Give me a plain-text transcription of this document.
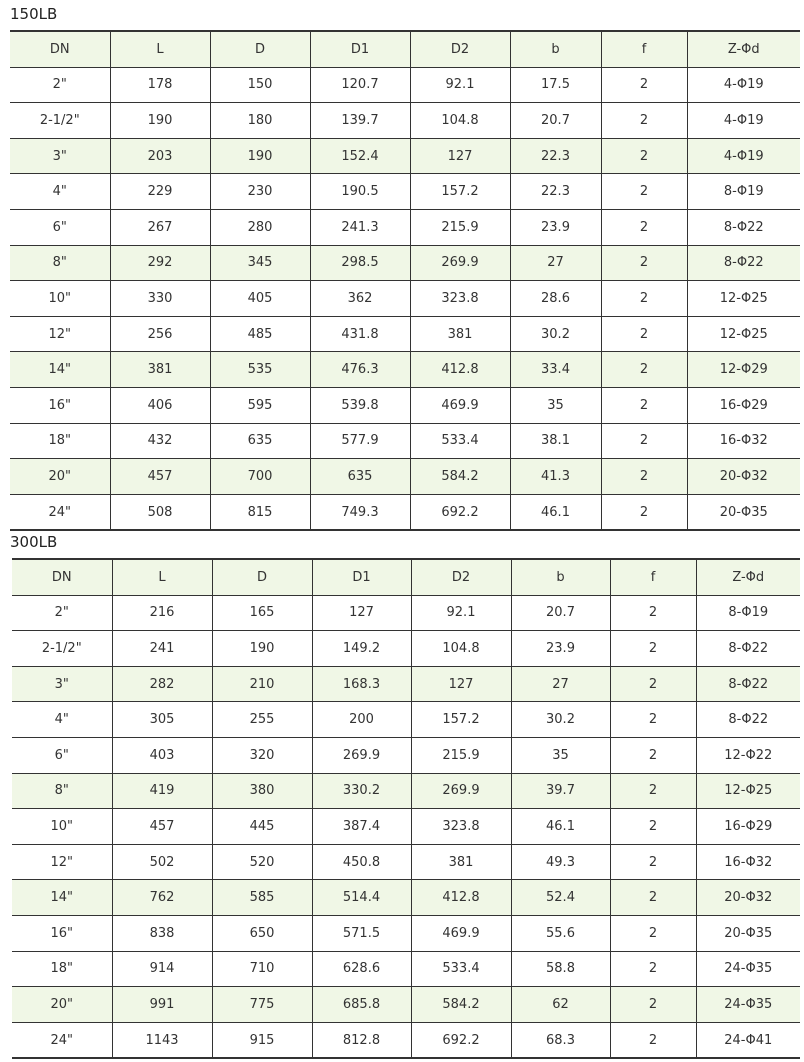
150LB
DN	L	D	D1	D2	b	f	Z-Φd
2"	178	150	120.7	92.1	17.5	2	4-Φ19
2-1/2"	190	180	139.7	104.8	20.7	2	4-Φ19
3"	203	190	152.4	127	22.3	2	4-Φ19
4"	229	230	190.5	157.2	22.3	2	8-Φ19
6"	267	280	241.3	215.9	23.9	2	8-Φ22
8"	292	345	298.5	269.9	27	2	8-Φ22
10"	330	405	362	323.8	28.6	2	12-Φ25
12"	256	485	431.8	381	30.2	2	12-Φ25
14"	381	535	476.3	412.8	33.4	2	12-Φ29
16"	406	595	539.8	469.9	35	2	16-Φ29
18"	432	635	577.9	533.4	38.1	2	16-Φ32
20"	457	700	635	584.2	41.3	2	20-Φ32
24"	508	815	749.3	692.2	46.1	2	20-Φ35
300LB
DN	L	D	D1	D2	b	f	Z-Φd
2"	216	165	127	92.1	20.7	2	8-Φ19
2-1/2"	241	190	149.2	104.8	23.9	2	8-Φ22
3"	282	210	168.3	127	27	2	8-Φ22
4"	305	255	200	157.2	30.2	2	8-Φ22
6"	403	320	269.9	215.9	35	2	12-Φ22
8"	419	380	330.2	269.9	39.7	2	12-Φ25
10"	457	445	387.4	323.8	46.1	2	16-Φ29
12"	502	520	450.8	381	49.3	2	16-Φ32
14"	762	585	514.4	412.8	52.4	2	20-Φ32
16"	838	650	571.5	469.9	55.6	2	20-Φ35
18"	914	710	628.6	533.4	58.8	2	24-Φ35
20"	991	775	685.8	584.2	62	2	24-Φ35
24"	1143	915	812.8	692.2	68.3	2	24-Φ41
